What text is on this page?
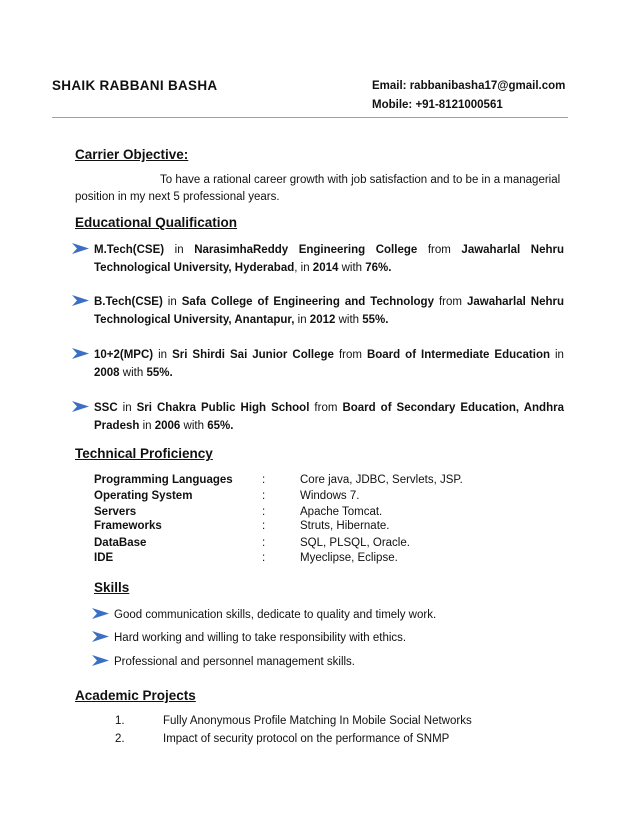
SHAIK RABBANI BASHA	Email: rabbanibasha17@gmail.com
Mobile: +91-8121000561
Carrier Objective:
To have a rational career growth with job satisfaction and to be in a managerial
position in my next 5 professional years.
Educational Qualification
M.Tech(CSE) in NarasimhaReddy Engineering College from Jawaharlal Nehru Technological University, Hyderabad, in 2014 with 76%.
B.Tech(CSE) in Safa College of Engineering and Technology from Jawaharlal Nehru Technological University, Anantapur, in 2012 with 55%.
10+2(MPC) in Sri Shirdi Sai Junior College from Board of Intermediate Education in 2008 with 55%.
SSC in Sri Chakra Public High School from Board of Secondary Education, Andhra Pradesh in 2006 with 65%.
Technical Proficiency
Programming Languages	:	Core java, JDBC, Servlets, JSP.
Operating System	:	Windows 7.
Servers	:	Apache Tomcat.
Frameworks	:	Struts, Hibernate.
DataBase	:	SQL, PLSQL, Oracle.
IDE	:	Myeclipse, Eclipse.
Skills
Good communication skills, dedicate to quality and timely work.
Hard working and willing to take responsibility with ethics.
Professional and personnel management skills.
Academic Projects
1.	Fully Anonymous Profile Matching In Mobile Social Networks
2.	Impact of security protocol on the performance of SNMP
